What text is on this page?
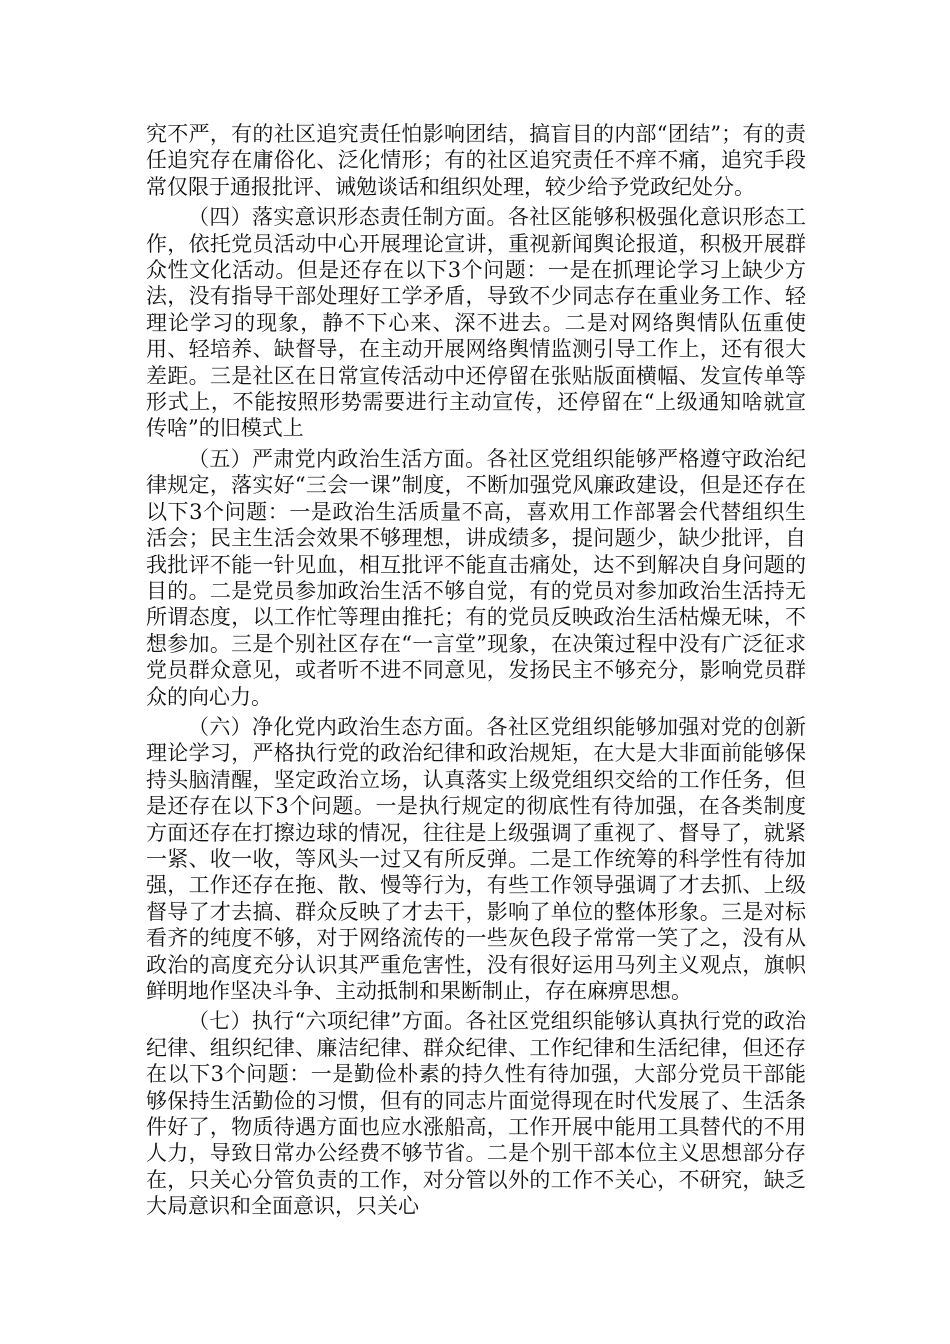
究不严，有的社区追究责任怕影响团结，搞盲目的内部“团结”；有的责任追究存在庸俗化、泛化情形；有的社区追究责任不痒不痛，追究手段常仅限于通报批评、诫勉谈话和组织处理，较少给予党政纪处分。

（四）落实意识形态责任制方面。各社区能够积极强化意识形态工作，依托党员活动中心开展理论宣讲，重视新闻舆论报道，积极开展群众性文化活动。但是还存在以下3个问题：一是在抓理论学习上缺少方法，没有指导干部处理好工学矛盾，导致不少同志存在重业务工作、轻理论学习的现象，静不下心来、深不进去。二是对网络舆情队伍重使用、轻培养、缺督导，在主动开展网络舆情监测引导工作上，还有很大差距。三是社区在日常宣传活动中还停留在张贴版面横幅、发宣传单等形式上，不能按照形势需要进行主动宣传，还停留在“上级通知啥就宣传啥”的旧模式上

（五）严肃党内政治生活方面。各社区党组织能够严格遵守政治纪律规定，落实好“三会一课”制度，不断加强党风廉政建设，但是还存在以下3个问题：一是政治生活质量不高，喜欢用工作部署会代替组织生活会；民主生活会效果不够理想，讲成绩多，提问题少，缺少批评，自我批评不能一针见血，相互批评不能直击痛处，达不到解决自身问题的目的。二是党员参加政治生活不够自觉，有的党员对参加政治生活持无所谓态度，以工作忙等理由推托；有的党员反映政治生活枯燥无味，不想参加。三是个别社区存在“一言堂”现象，在决策过程中没有广泛征求党员群众意见，或者听不进不同意见，发扬民主不够充分，影响党员群众的向心力。

（六）净化党内政治生态方面。各社区党组织能够加强对党的创新理论学习，严格执行党的政治纪律和政治规矩，在大是大非面前能够保持头脑清醒，坚定政治立场，认真落实上级党组织交给的工作任务，但是还存在以下3个问题。一是执行规定的彻底性有待加强，在各类制度方面还存在打擦边球的情况，往往是上级强调了重视了、督导了，就紧一紧、收一收，等风头一过又有所反弹。二是工作统筹的科学性有待加强，工作还存在拖、散、慢等行为，有些工作领导强调了才去抓、上级督导了才去搞、群众反映了才去干，影响了单位的整体形象。三是对标看齐的纯度不够，对于网络流传的一些灰色段子常常一笑了之，没有从政治的高度充分认识其严重危害性，没有很好运用马列主义观点，旗帜鲜明地作坚决斗争、主动抵制和果断制止，存在麻痹思想。

（七）执行“六项纪律”方面。各社区党组织能够认真执行党的政治纪律、组织纪律、廉洁纪律、群众纪律、工作纪律和生活纪律，但还存在以下3个问题：一是勤俭朴素的持久性有待加强，大部分党员干部能够保持生活勤俭的习惯，但有的同志片面觉得现在时代发展了、生活条件好了，物质待遇方面也应水涨船高，工作开展中能用工具替代的不用人力，导致日常办公经费不够节省。二是个别干部本位主义思想部分存在，只关心分管负责的工作，对分管以外的工作不关心，不研究，缺乏大局意识和全面意识，只关心
